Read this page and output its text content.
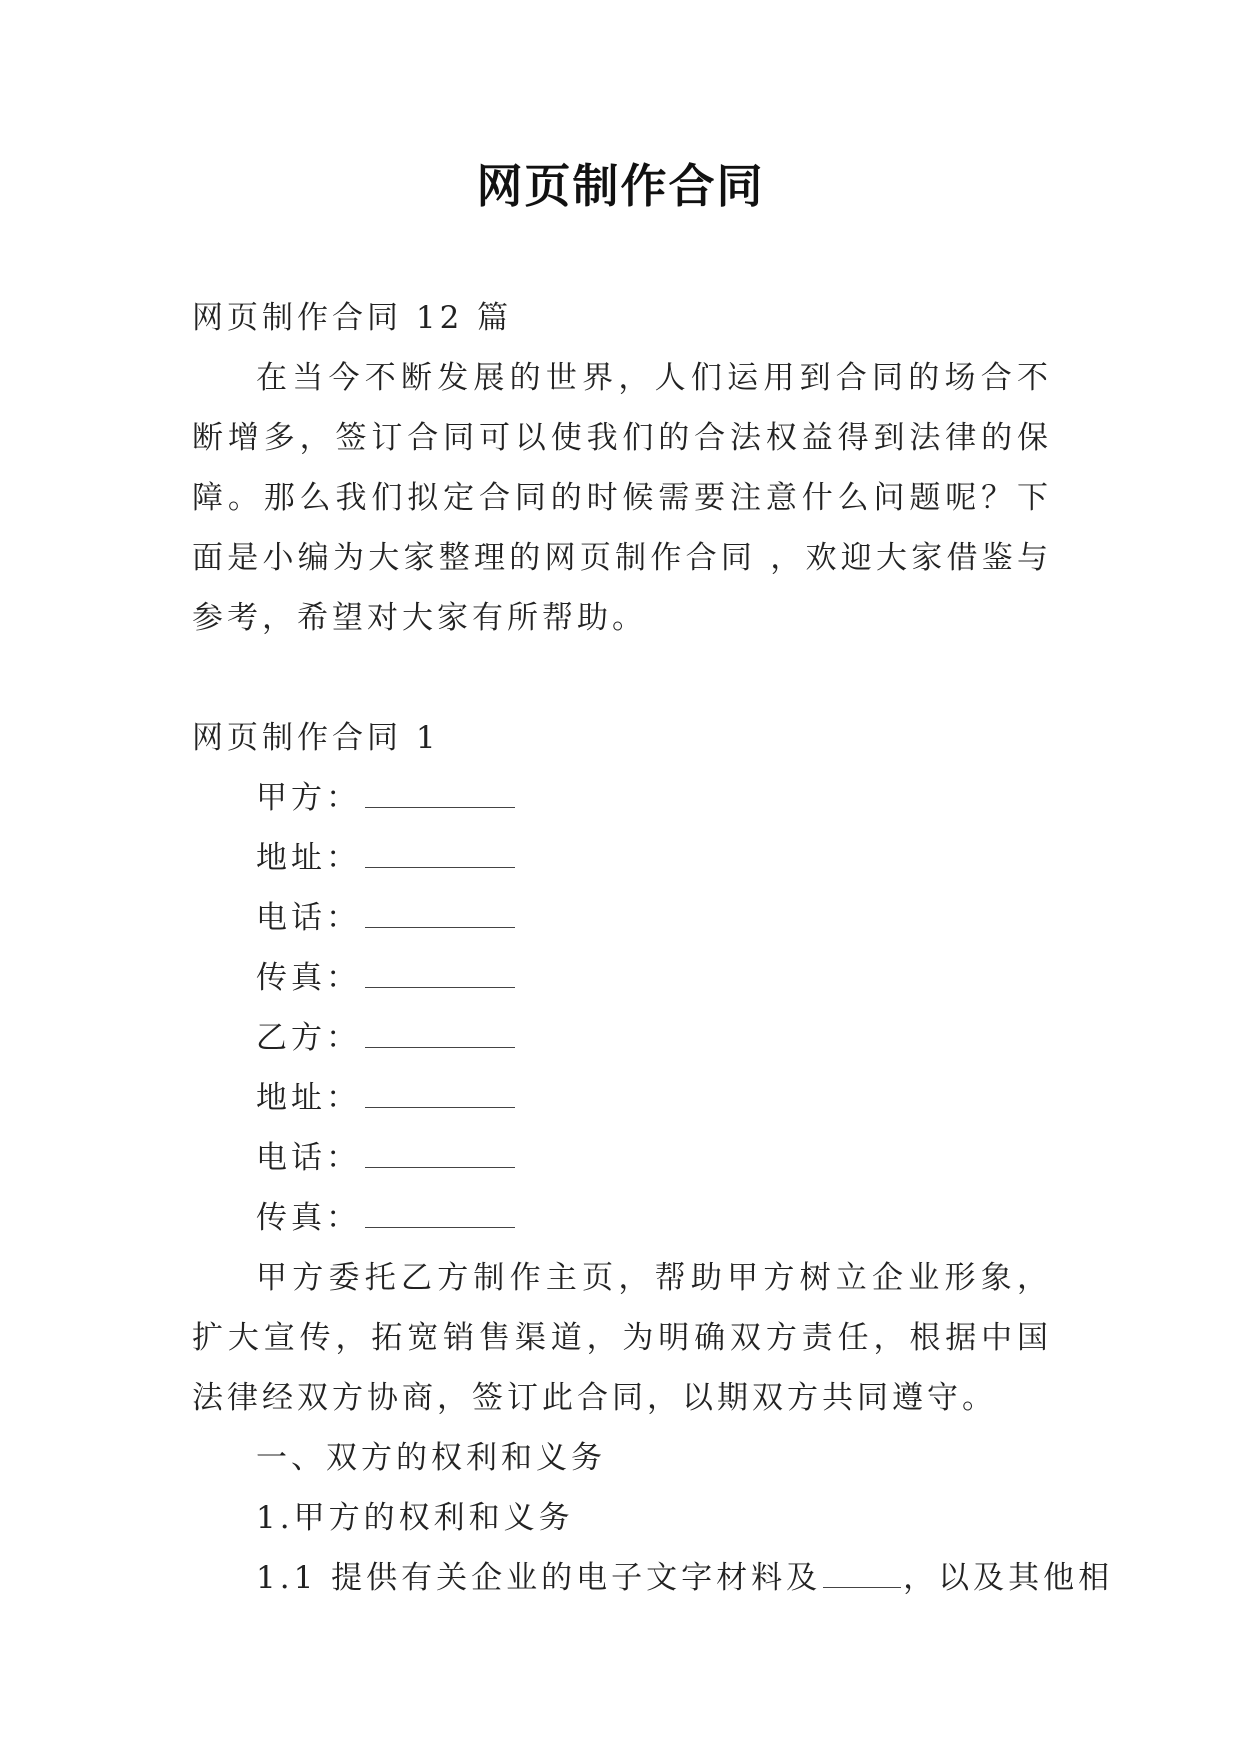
网页制作合同

网页制作合同 12 篇

在当今不断发展的世界，人们运用到合同的场合不断增多，签订合同可以使我们的合法权益得到法律的保障。那么我们拟定合同的时候需要注意什么问题呢？下面是小编为大家整理的网页制作合同 ，欢迎大家借鉴与参考，希望对大家有所帮助。

网页制作合同 1

甲方：

地址：

电话：

传真：

乙方：

地址：

电话：

传真：

甲方委托乙方制作主页，帮助甲方树立企业形象，扩大宣传，拓宽销售渠道，为明确双方责任，根据中国法律经双方协商，签订此合同，以期双方共同遵守。

一、双方的权利和义务

1.甲方的权利和义务

1.1 提供有关企业的电子文字材料及	，以及其他相
